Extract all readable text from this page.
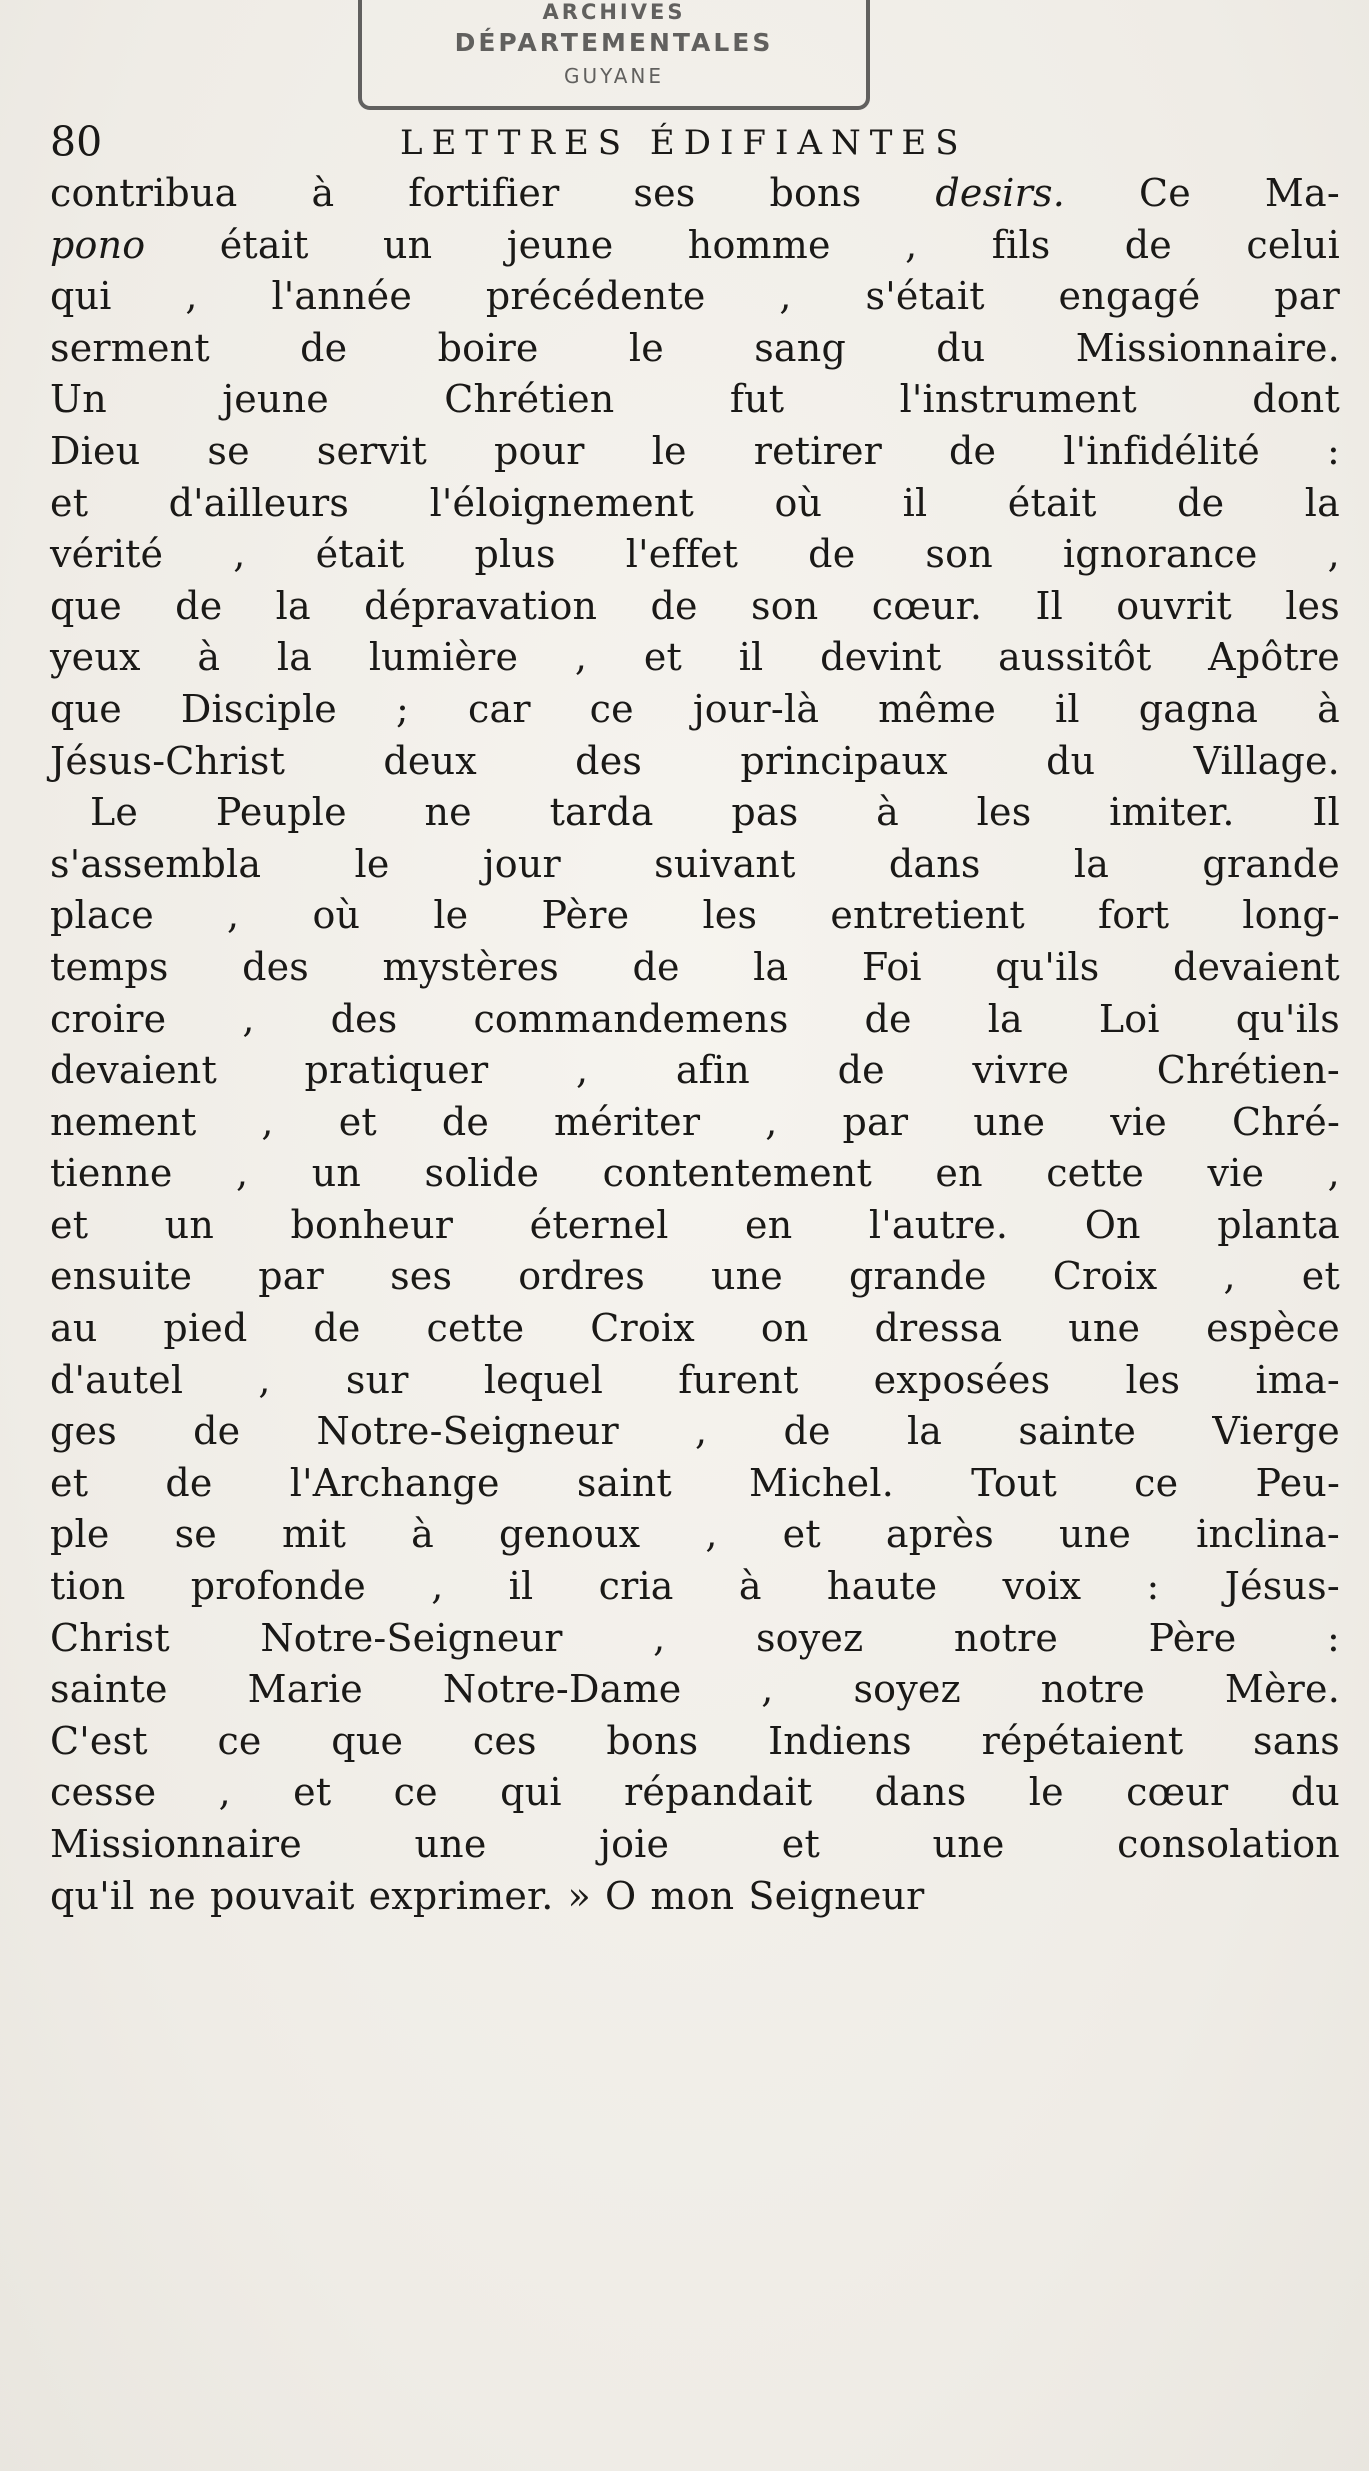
ARCHIVES
DÉPARTEMENTALES
GUYANE
80	LETTRES ÉDIFIANTES
contribua à fortifier ses bons desirs. Ce Ma-
pono était un jeune homme , fils de celui
qui , l'année précédente , s'était engagé par
serment de boire le sang du Missionnaire.
Un	jeune	Chrétien	fut	l'instrument	dont
Dieu se servit pour le retirer de l'infidélité :
et d'ailleurs l'éloignement où il était de la
vérité , était plus l'effet de son ignorance ,
que de la dépravation de son cœur. Il ouvrit les
yeux à la lumière , et il devint aussitôt Apôtre
que Disciple ; car ce jour-là même il gagna à
Jésus-Christ	deux	des	principaux	du	Village.
Le Peuple ne tarda pas à les imiter. Il
s'assembla le jour suivant dans la grande
place , où le Père les entretient fort long-
temps des mystères de la Foi qu'ils devaient
croire , des commandemens de la Loi qu'ils
devaient pratiquer , afin de vivre Chrétien-
nement , et de mériter , par une vie Chré-
tienne , un solide contentement en cette vie ,
et un bonheur éternel en l'autre. On planta
ensuite par ses ordres une grande Croix , et
au pied de cette Croix on dressa une espèce
d'autel , sur lequel furent exposées les ima-
ges de Notre-Seigneur , de la sainte Vierge
et de l'Archange saint Michel. Tout ce Peu-
ple se mit à genoux , et après une inclina-
tion profonde , il cria à haute voix : Jésus-
Christ Notre-Seigneur , soyez notre Père :
sainte Marie Notre-Dame , soyez notre Mère.
C'est ce que ces bons Indiens répétaient sans
cesse , et ce qui répandait dans le cœur du
Missionnaire	une	joie	et	une	consolation
qu'il ne pouvait exprimer. » O mon Seigneur
